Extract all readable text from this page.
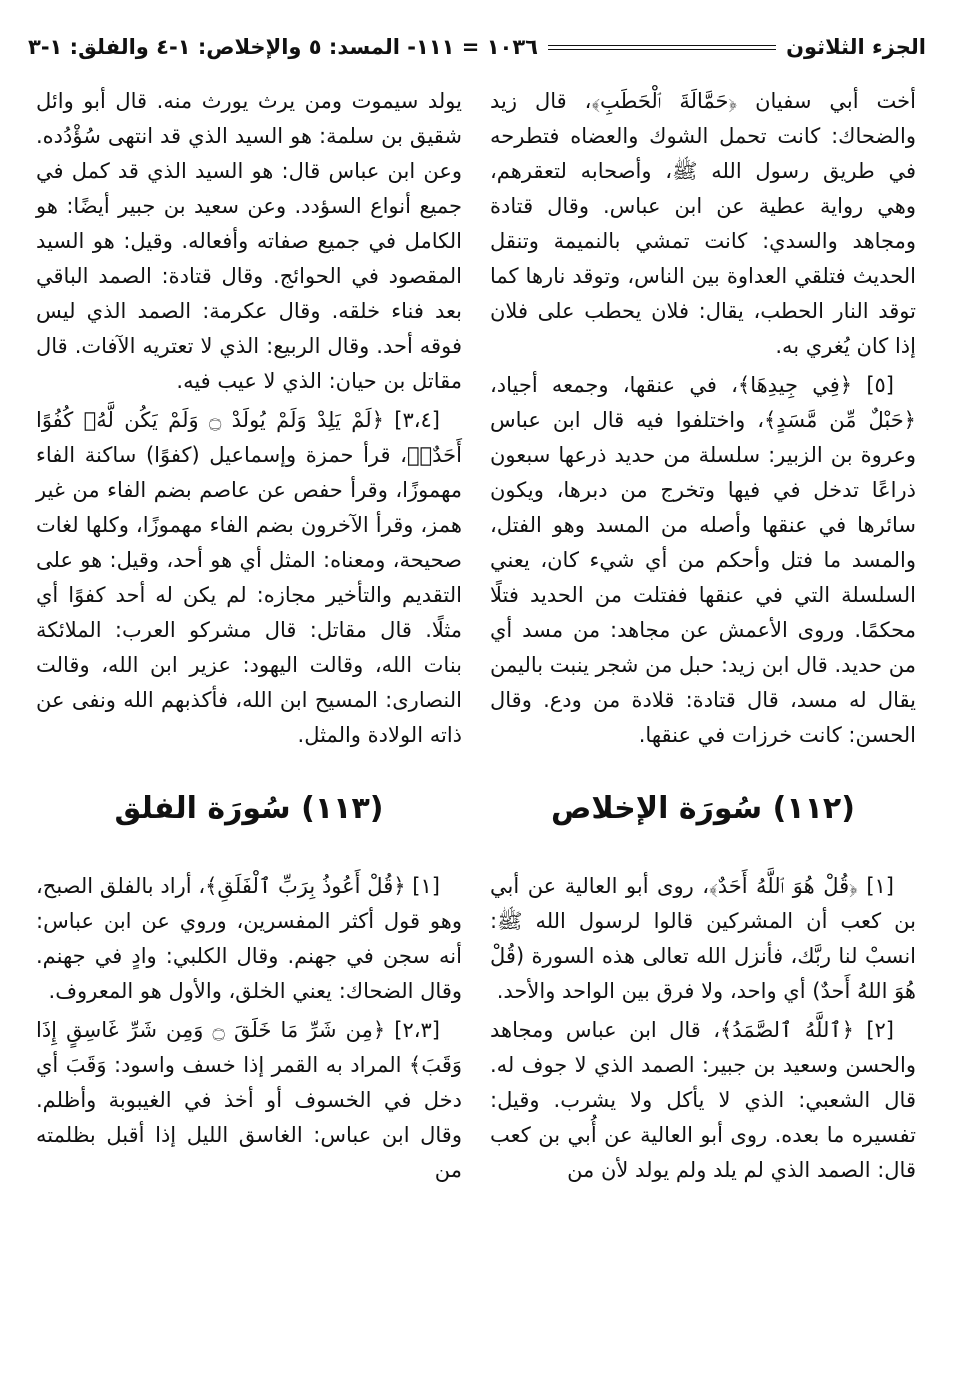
الجزء الثلاثون
١٠٣٦ = ١١١- المسد: ٥ والإخلاص: ١-٤ والفلق: ١-٣

أخت أبي سفيان ﴿حَمَّالَةَ ٱلْحَطَبِ﴾، قال زيد والضحاك: كانت تحمل الشوك والعضاه فتطرحه في طريق رسول الله ﷺ، وأصحابه لتعقرهم، وهي رواية عطية عن ابن عباس. وقال قتادة ومجاهد والسدي: كانت تمشي بالنميمة وتنقل الحديث فتلقي العداوة بين الناس، وتوقد نارها كما توقد النار الحطب، يقال: فلان يحطب على فلان إذا كان يُغري به.

[٥] ﴿فِي جِيدِهَا﴾، في عنقها، وجمعه أجياد، ﴿حَبْلٌ مِّن مَّسَدٍ﴾، واختلفوا فيه قال ابن عباس وعروة بن الزبير: سلسلة من حديد ذرعها سبعون ذراعًا تدخل في فيها وتخرج من دبرها، ويكون سائرها في عنقها وأصله من المسد وهو الفتل، والمسد ما فتل وأحكم من أي شيء كان، يعني السلسلة التي في عنقها ففتلت من الحديد فتلًا محكمًا. وروى الأعمش عن مجاهد: من مسد أي من حديد. قال ابن زيد: حبل من شجر ينبت باليمن يقال له مسد، قال قتادة: قلادة من ودع. وقال الحسن: كانت خرزات في عنقها.

(١١٢) سُورَة الإخلاص

[١] ﴿قُلْ هُوَ ٱللَّهُ أَحَدٌ﴾، روى أبو العالية عن أبي بن كعب أن المشركين قالوا لرسول الله ﷺ: انسبْ لنا ربَّك، فأنزل الله تعالى هذه السورة (قُلْ هُوَ اللهُ أَحدٌ) أي واحد، ولا فرق بين الواحد والأحد.

[٢] ﴿ٱللَّهُ ٱلصَّمَدُ﴾، قال ابن عباس ومجاهد والحسن وسعيد بن جبير: الصمد الذي لا جوف له. قال الشعبي: الذي لا يأكل ولا يشرب. وقيل: تفسيره ما بعده. روى أبو العالية عن أُبي بن كعب قال: الصمد الذي لم يلد ولم يولد لأن من

يولد سيموت ومن يرث يورث منه. قال أبو وائل شقيق بن سلمة: هو السيد الذي قد انتهى سُؤْدُده. وعن ابن عباس قال: هو السيد الذي قد كمل في جميع أنواع السؤدد. وعن سعيد بن جبير أيضًا: هو الكامل في جميع صفاته وأفعاله. وقيل: هو السيد المقصود في الحوائج. وقال قتادة: الصمد الباقي بعد فناء خلقه. وقال عكرمة: الصمد الذي ليس فوقه أحد. وقال الربيع: الذي لا تعتريه الآفات. قال مقاتل بن حيان: الذي لا عيب فيه.

[٣،٤] ﴿لَمْ يَلِدْ وَلَمْ يُولَدْ ۝ وَلَمْ يَكُن لَّهُۥ كُفُوًا أَحَدٌۢ﴾، قرأ حمزة وإسماعيل (كفوًا) ساكنة الفاء مهموزًا، وقرأ حفص عن عاصم بضم الفاء من غير همز، وقرأ الآخرون بضم الفاء مهموزًا، وكلها لغات صحيحة، ومعناه: المثل أي هو أحد، وقيل: هو على التقديم والتأخير مجازه: لم يكن له أحد كفوًا أي مثلًا. قال مقاتل: قال مشركو العرب: الملائكة بنات الله، وقالت اليهود: عزير ابن الله، وقالت النصارى: المسيح ابن الله، فأكذبهم الله ونفى عن ذاته الولادة والمثل.

(١١٣) سُورَة الفلق

[١] ﴿قُلْ أَعُوذُ بِرَبِّ ٱلْفَلَقِ﴾، أراد بالفلق الصبح، وهو قول أكثر المفسرين، وروي عن ابن عباس: أنه سجن في جهنم. وقال الكلبي: وادٍ في جهنم. وقال الضحاك: يعني الخلق، والأول هو المعروف.

[٢،٣] ﴿مِن شَرِّ مَا خَلَقَ ۝ وَمِن شَرِّ غَاسِقٍ إِذَا وَقَبَ﴾ المراد به القمر إذا خسف واسود: وَقَبَ أي دخل في الخسوف أو أخذ في الغيبوبة وأظلم. وقال ابن عباس: الغاسق الليل إذا أقبل بظلمته من
